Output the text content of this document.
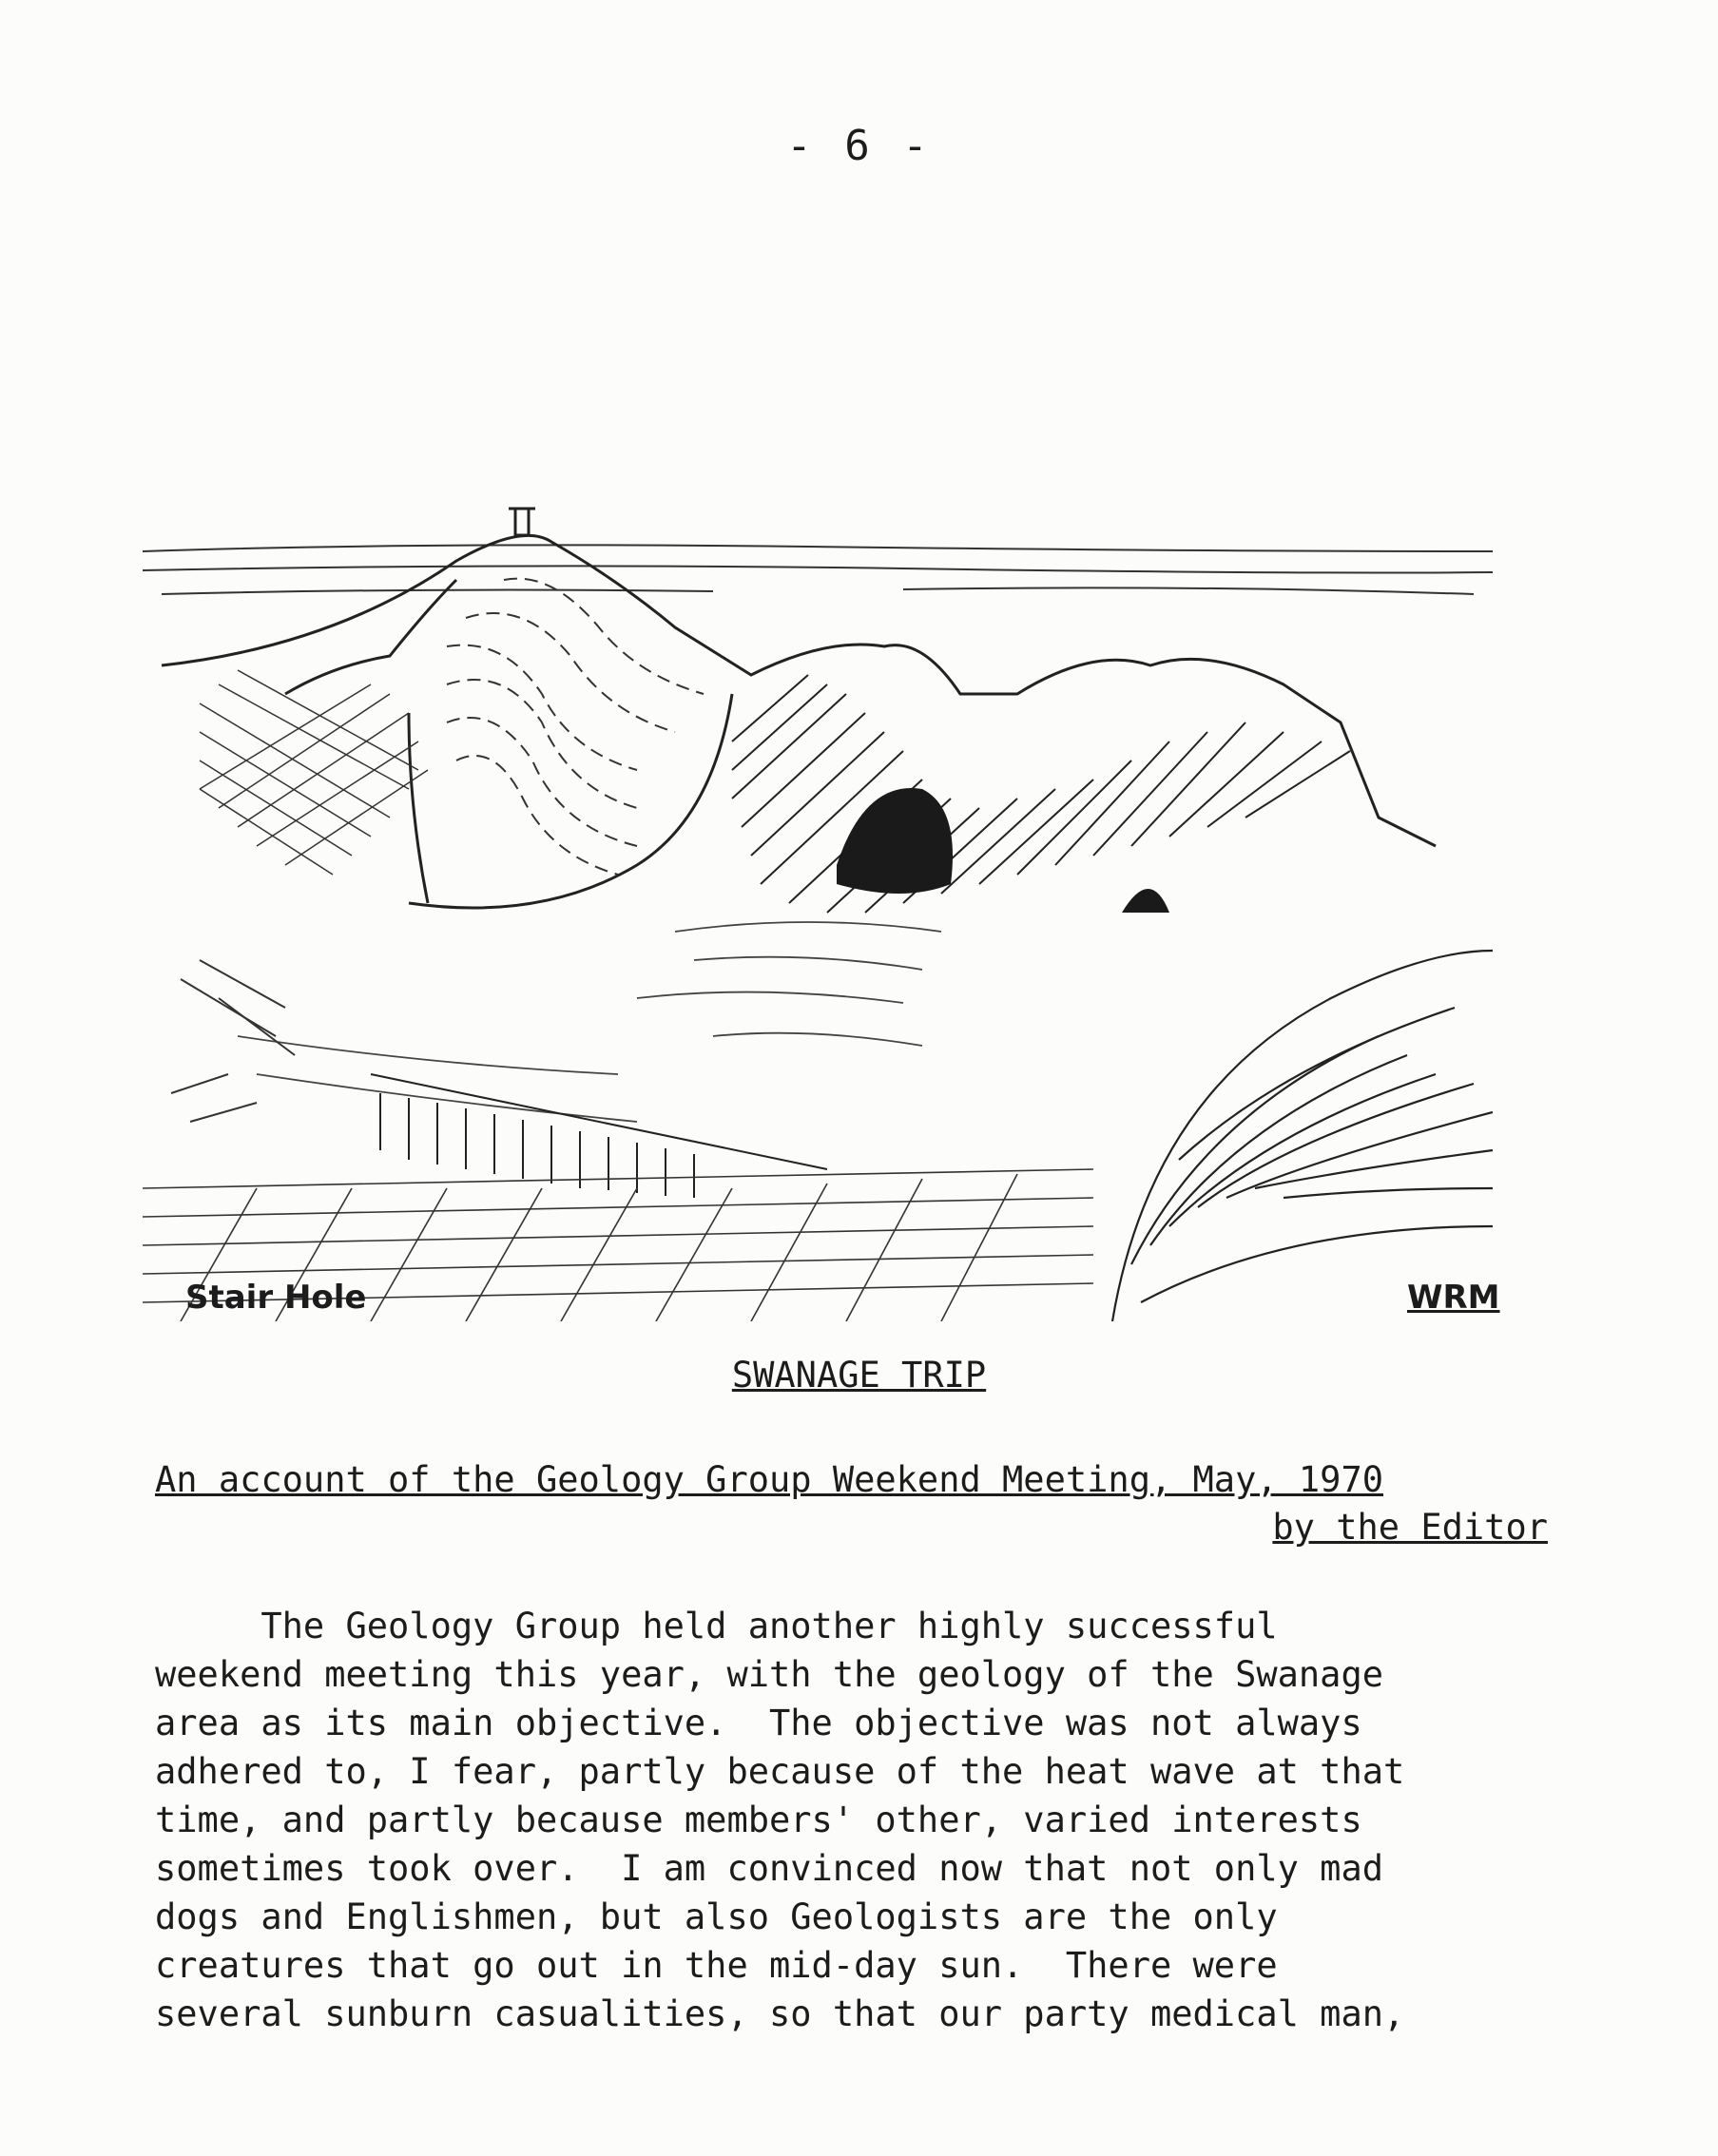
- 6 -
Stair Hole	WRM
SWANAGE TRIP
An account of the Geology Group Weekend Meeting, May, 1970
by the Editor
The Geology Group held another highly successful
weekend meeting this year, with the geology of the Swanage
area as its main objective.  The objective was not always
adhered to, I fear, partly because of the heat wave at that
time, and partly because members' other, varied interests
sometimes took over.  I am convinced now that not only mad
dogs and Englishmen, but also Geologists are the only
creatures that go out in the mid-day sun.  There were
several sunburn casualities, so that our party medical man,
